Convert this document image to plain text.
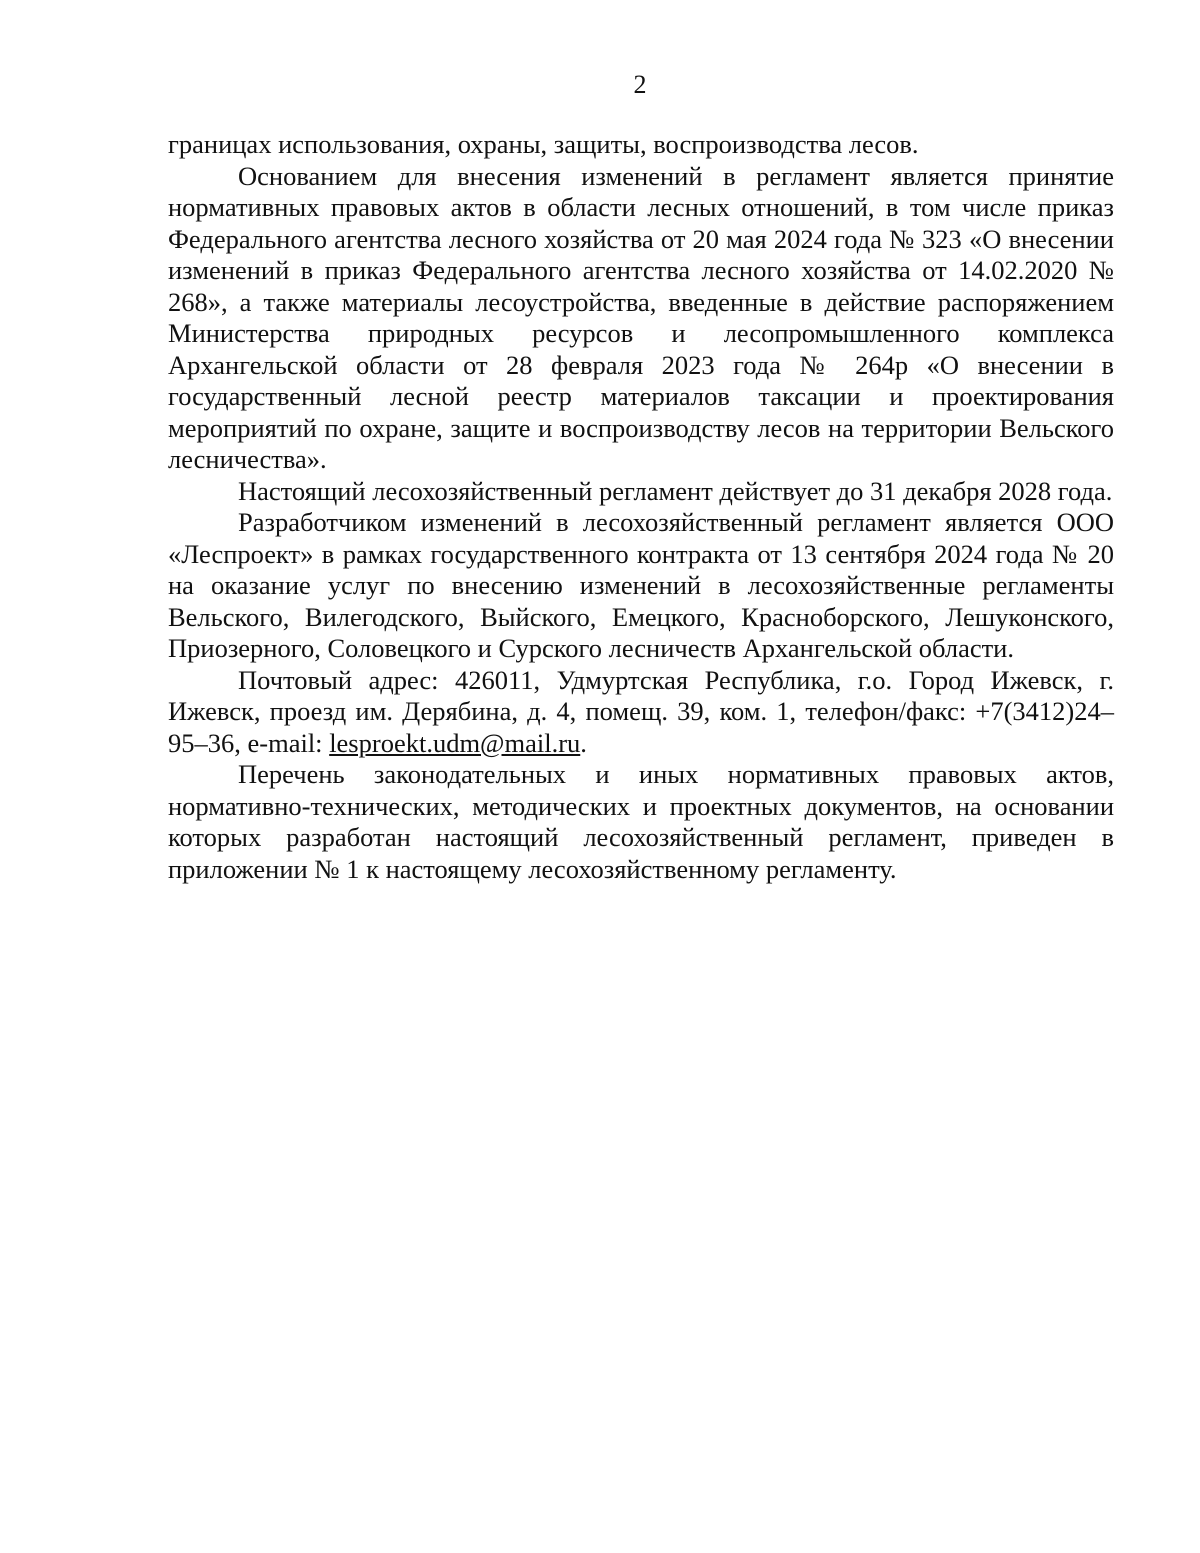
2

границах использования, охраны, защиты, воспроизводства лесов.

Основанием для внесения изменений в регламент является принятие нормативных правовых актов в области лесных отношений, в том числе приказ Федерального агентства лесного хозяйства от 20 мая 2024 года № 323 «О внесении изменений в приказ Федерального агентства лесного хозяйства от 14.02.2020 № 268», а также материалы лесоустройства, введенные в действие распоряжением Министерства природных ресурсов и лесопромышленного комплекса Архангельской области от 28 февраля 2023 года № 264р «О внесении в государственный лесной реестр материалов таксации и проектирования мероприятий по охране, защите и воспроизводству лесов на территории Вельского лесничества».

Настоящий лесохозяйственный регламент действует до 31 декабря 2028 года.

Разработчиком изменений в лесохозяйственный регламент является ООО «Леспроект» в рамках государственного контракта от 13 сентября 2024 года № 20 на оказание услуг по внесению изменений в лесохозяйственные регламенты Вельского, Вилегодского, Выйского, Емецкого, Красноборского, Лешуконского, Приозерного, Соловецкого и Сурского лесничеств Архангельской области.

Почтовый адрес: 426011, Удмуртская Республика, г.о. Город Ижевск, г. Ижевск, проезд им. Дерябина, д. 4, помещ. 39, ком. 1, телефон/факс: +7(3412)24–95–36, e-mail: lesproekt.udm@mail.ru.

Перечень законодательных и иных нормативных правовых актов, нормативно-технических, методических и проектных документов, на основании которых разработан настоящий лесохозяйственный регламент, приведен в приложении № 1 к настоящему лесохозяйственному регламенту.
